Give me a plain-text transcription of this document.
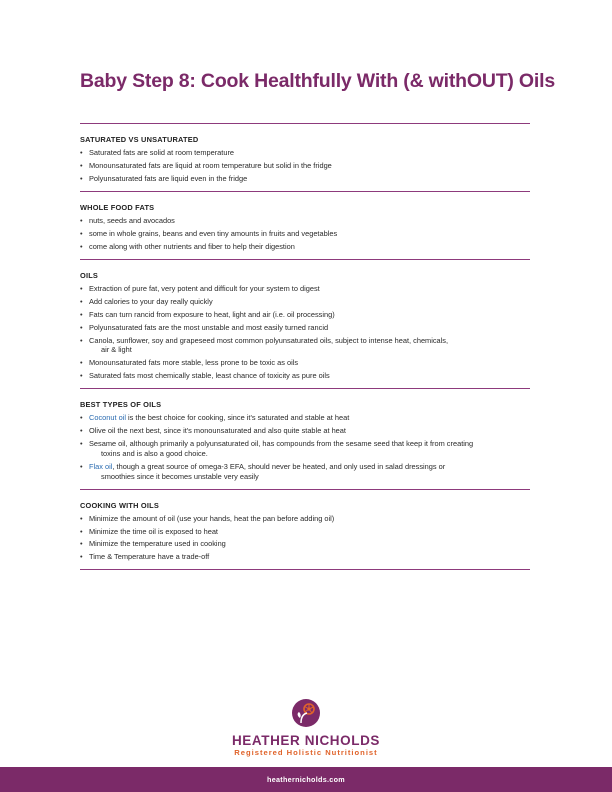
Baby Step 8: Cook Healthfully With (& withOUT) Oils
SATURATED VS UNSATURATED
• Saturated fats are solid at room temperature
• Monounsaturated fats are liquid at room temperature but solid in the fridge
• Polyunsaturated fats are liquid even in the fridge
WHOLE FOOD FATS
• nuts, seeds and avocados
• some in whole grains, beans and even tiny amounts in fruits and vegetables
• come along with other nutrients and fiber to help their digestion
OILS
• Extraction of pure fat, very potent and difficult for your system to digest
• Add calories to your day really quickly
• Fats can turn rancid from exposure to heat, light and air (i.e. oil processing)
• Polyunsaturated fats are the most unstable and most easily turned rancid
• Canola, sunflower, soy and grapeseed most common polyunsaturated oils, subject to intense heat, chemicals,
air & light
• Monounsaturated fats more stable, less prone to be toxic as oils
• Saturated fats most chemically stable, least chance of toxicity as pure oils
BEST TYPES OF OILS
• Coconut oil is the best choice for cooking, since it's saturated and stable at heat
• Olive oil the next best, since it's monounsaturated and also quite stable at heat
• Sesame oil, although primarily a polyunsaturated oil, has compounds from the sesame seed that keep it from creating
toxins and is also a good choice.
• Flax oil, though a great source of omega-3 EFA, should never be heated, and only used in salad dressings or
smoothies since it becomes unstable very easily
COOKING WITH OILS
• Minimize the amount of oil (use your hands, heat the pan before adding oil)
• Minimize the time oil is exposed to heat
• Minimize the temperature used in cooking
• Time & Temperature have a trade-off
HEATHER NICHOLDS
Registered Holistic Nutritionist
heathernicholds.com
